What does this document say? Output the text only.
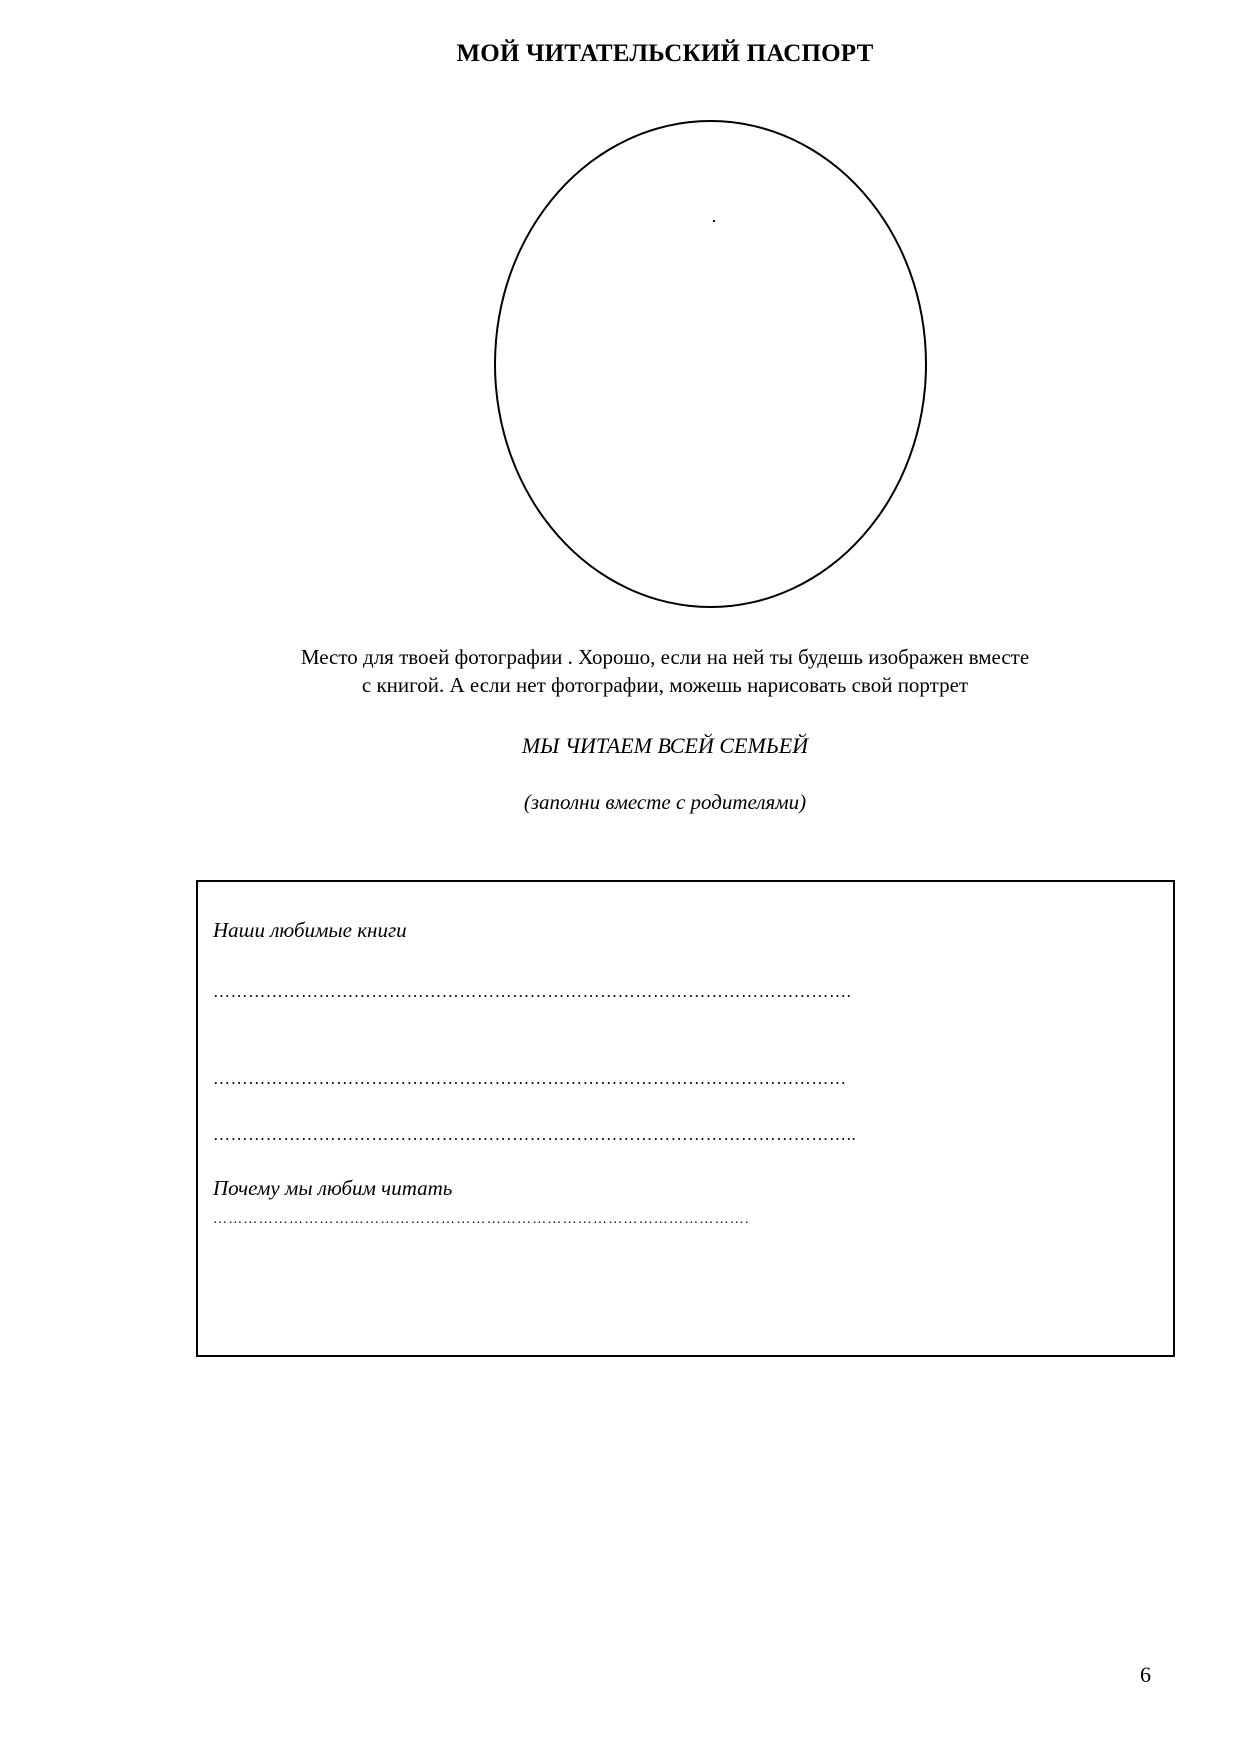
МОЙ ЧИТАТЕЛЬСКИЙ ПАСПОРТ
Место для твоей фотографии . Хорошо, если на ней ты будешь изображен вместе
с книгой. А если нет фотографии, можешь нарисовать свой портрет
МЫ ЧИТАЕМ ВСЕЙ СЕМЬЕЙ
(заполни вместе с родителями)
Наши любимые книги
……………………………………………………………………………………………….
………………………………………………………………………………………………
………………………………………………………………………………………………..
Почему мы любим читать
…………………………………………………………………………………………….
6
